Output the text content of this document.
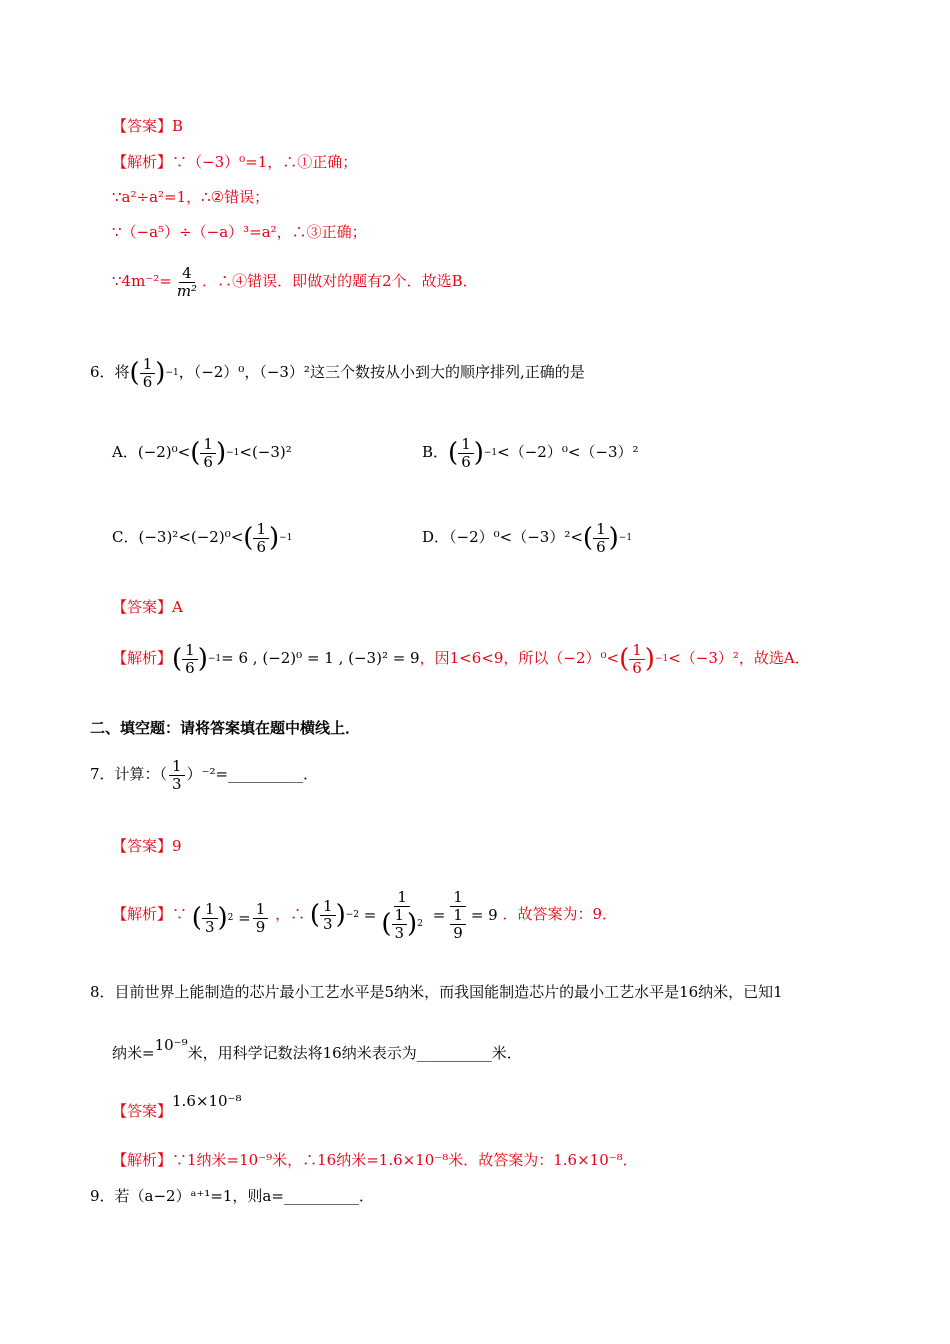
【答案】B
【解析】∵（−3）⁰=1，∴①正确；
∵a²÷a²=1，∴②错误；
∵（−a⁵）÷（−a）³=a²，∴③正确；
∵4m⁻²= $\frac{4}{\text{m²}}$ ．∴④错误．即做对的题有2个．故选B．
6．将 ( $\frac{1}{6}$ ) −1 ，（−2）⁰，（−3）²这三个数按从小到大的顺序排列,正确的是
A．(−2)⁰< ( $\frac{1}{6}$ ) −1 <(−3)²	B． ( $\frac{1}{6}$ ) −1 <（−2）⁰<（−3）²
C．(−3)²<(−2)⁰< ( $\frac{1}{6}$ ) −1	D．（−2）⁰<（−3）²< ( $\frac{1}{6}$ ) −1
【答案】A
【解析】 ( $\frac{1}{6}$ ) −1 = 6 , (−2)⁰ = 1 , (−3)² = 9，因1<6<9，所以（−2）⁰< ( $\frac{1}{6}$ ) −1 <（−3）²，故选A．
二、填空题：请将答案填在题中横线上．
7．计算：（ $\frac{1}{3}$ ）⁻²=__________．
【答案】9
【解析】∵ ( $\frac{1}{3}$ ) $2 = \frac{1}{9}$ ，∴ ( $\frac{1}{3}$ ) $-2 = \frac{1}{( \frac{1}{3} ) 2} = \frac{1}{\frac{1}{9}} = 9$ ．故答案为：9．
8．目前世界上能制造的芯片最小工艺水平是5纳米，而我国能制造芯片的最小工艺水平是16纳米，已知1
纳米=10⁻⁹米，用科学记数法将16纳米表示为__________米．
【答案】1.6×10⁻⁸
【解析】∵1纳米=10⁻⁹米，∴16纳米=1.6×10⁻⁸米．故答案为：1.6×10⁻⁸．
9．若（a−2）ᵃ⁺¹=1，则a=__________．
